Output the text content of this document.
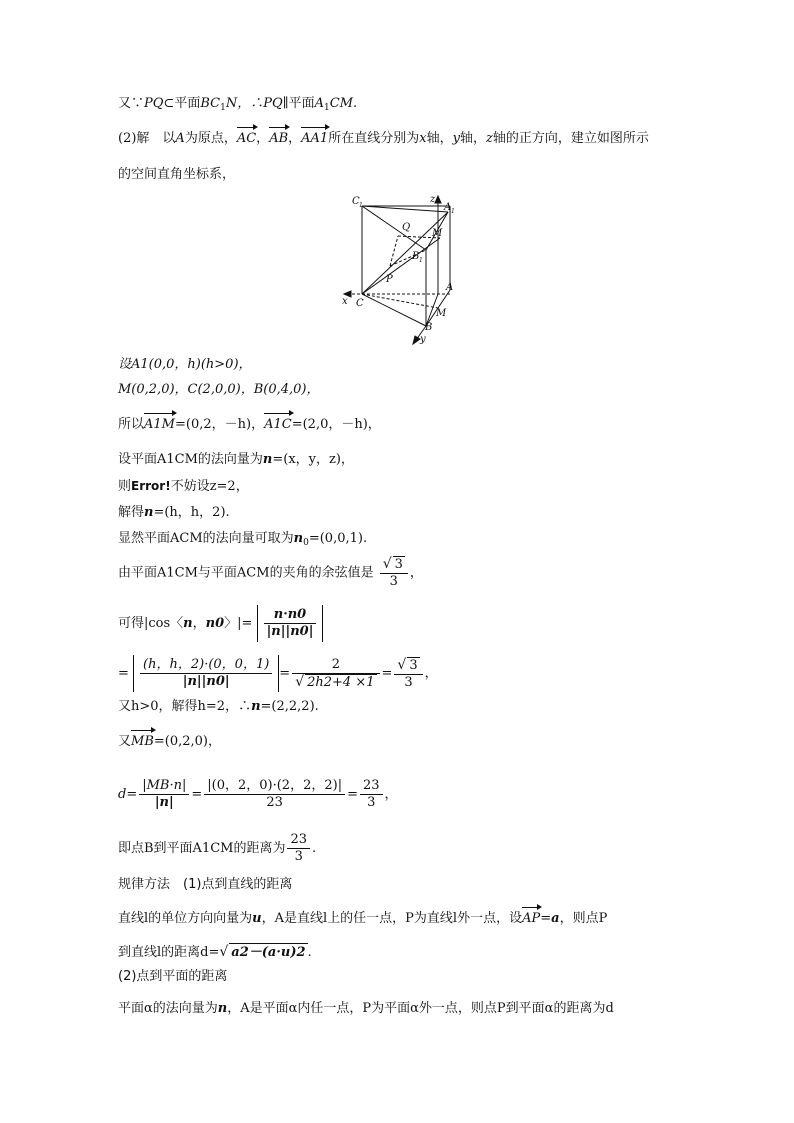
又∵PQ⊂平面$BC_1N$，∴PQ∥平面$A_1CM$.
(2)解　以A为原点，AC，AB，AA1所在直线分别为x轴，y轴，z轴的正方向，建立如图所示
的空间直角坐标系，
C 1
z
A 1
Q
M
B 1
P
A
x C
M
B
y
设A1(0,0，h)(h>0)，
M(0,2,0)，C(2,0,0)，B(0,4,0)，
所以A1M=(0,2，－h)，A1C=(2,0，－h)，
设平面A1CM的法向量为n=(x，y，z)，
则Error!不妨设z=2，
解得n=(h，h，2).
显然平面ACM的法向量可取为$n_0=(0,0,1)$.
由平面A1CM与平面ACM的夹角的余弦值是 $\frac{√ 3}{3}$ ，
可得|cos〈n，n0〉|= $\frac{n\cdot n0}{|n||n0|}$
= $\frac{(h,h,2)\cdot(0,0,1)}{|n||n0|} = \frac{2}{√ 2h2+4 \times 1} = \frac{√ 3}{3}$ ，
又h>0，解得h=2，∴n=(2,2,2).
又MB=(0,2,0)，
$d= \frac{|MB\cdot n|}{|n|} = \frac{|(0,2,0)\cdot(2,2,2)|}{23} = \frac{23}{3}$ ，
即点B到平面A1CM的距离为 $\frac{23}{3}$ .
规律方法　(1)点到直线的距离
直线l的单位方向向量为u，A是直线l上的任一点，P为直线l外一点，设AP=a，则点P
到直线l的距离d=√ a2－(a·u)2 .
(2)点到平面的距离
平面α的法向量为n，A是平面α内任一点，P为平面α外一点，则点P到平面α的距离为d
